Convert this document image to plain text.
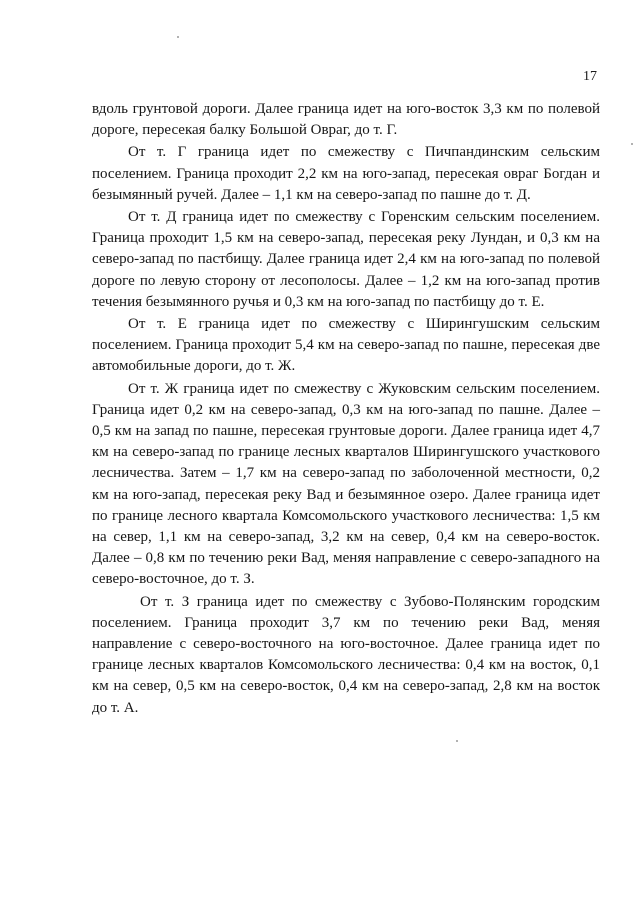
17

вдоль грунтовой дороги. Далее граница идет на юго-восток 3,3 км по полевой дороге, пересекая балку Большой Овраг, до т. Г.

От т. Г граница идет по смежеству с Пичпандинским сельским поселением. Граница проходит 2,2 км на юго-запад, пересекая овраг Богдан и безымянный ручей. Далее – 1,1 км на северо-запад по пашне до т. Д.

От т. Д граница идет по смежеству с Горенским сельским поселением. Граница проходит 1,5 км на северо-запад, пересекая реку Лундан, и 0,3 км на северо-запад по пастбищу. Далее граница идет 2,4 км на юго-запад по полевой дороге по левую сторону от лесополосы. Далее – 1,2 км на юго-запад против течения безымянного ручья и 0,3 км на юго-запад по пастбищу до т. Е.

От т. Е граница идет по смежеству с Ширингушским сельским поселением. Граница проходит 5,4 км на северо-запад по пашне, пересекая две автомобильные дороги, до т. Ж.

От т. Ж граница идет по смежеству с Жуковским сельским поселением. Граница идет 0,2 км на северо-запад, 0,3 км на юго-запад по пашне. Далее – 0,5 км на запад по пашне, пересекая грунтовые дороги. Далее граница идет 4,7 км на северо-запад по границе лесных кварталов Ширингушского участкового лесничества. Затем – 1,7 км на северо-запад по заболоченной местности, 0,2 км на юго-запад, пересекая реку Вад и безымянное озеро. Далее граница идет по границе лесного квартала Комсомольского участкового лесничества: 1,5 км на север, 1,1 км на северо-запад, 3,2 км на север, 0,4 км на северо-восток. Далее – 0,8 км по течению реки Вад, меняя направление с северо-западного на северо-восточное, до т. З.

От т. З граница идет по смежеству с Зубово-Полянским городским поселением. Граница проходит 3,7 км по течению реки Вад, меняя направление с северо-восточного на юго-восточное. Далее граница идет по границе лесных кварталов Комсомольского лесничества: 0,4 км на восток, 0,1 км на север, 0,5 км на северо-восток, 0,4 км на северо-запад, 2,8 км на восток до т. А.
